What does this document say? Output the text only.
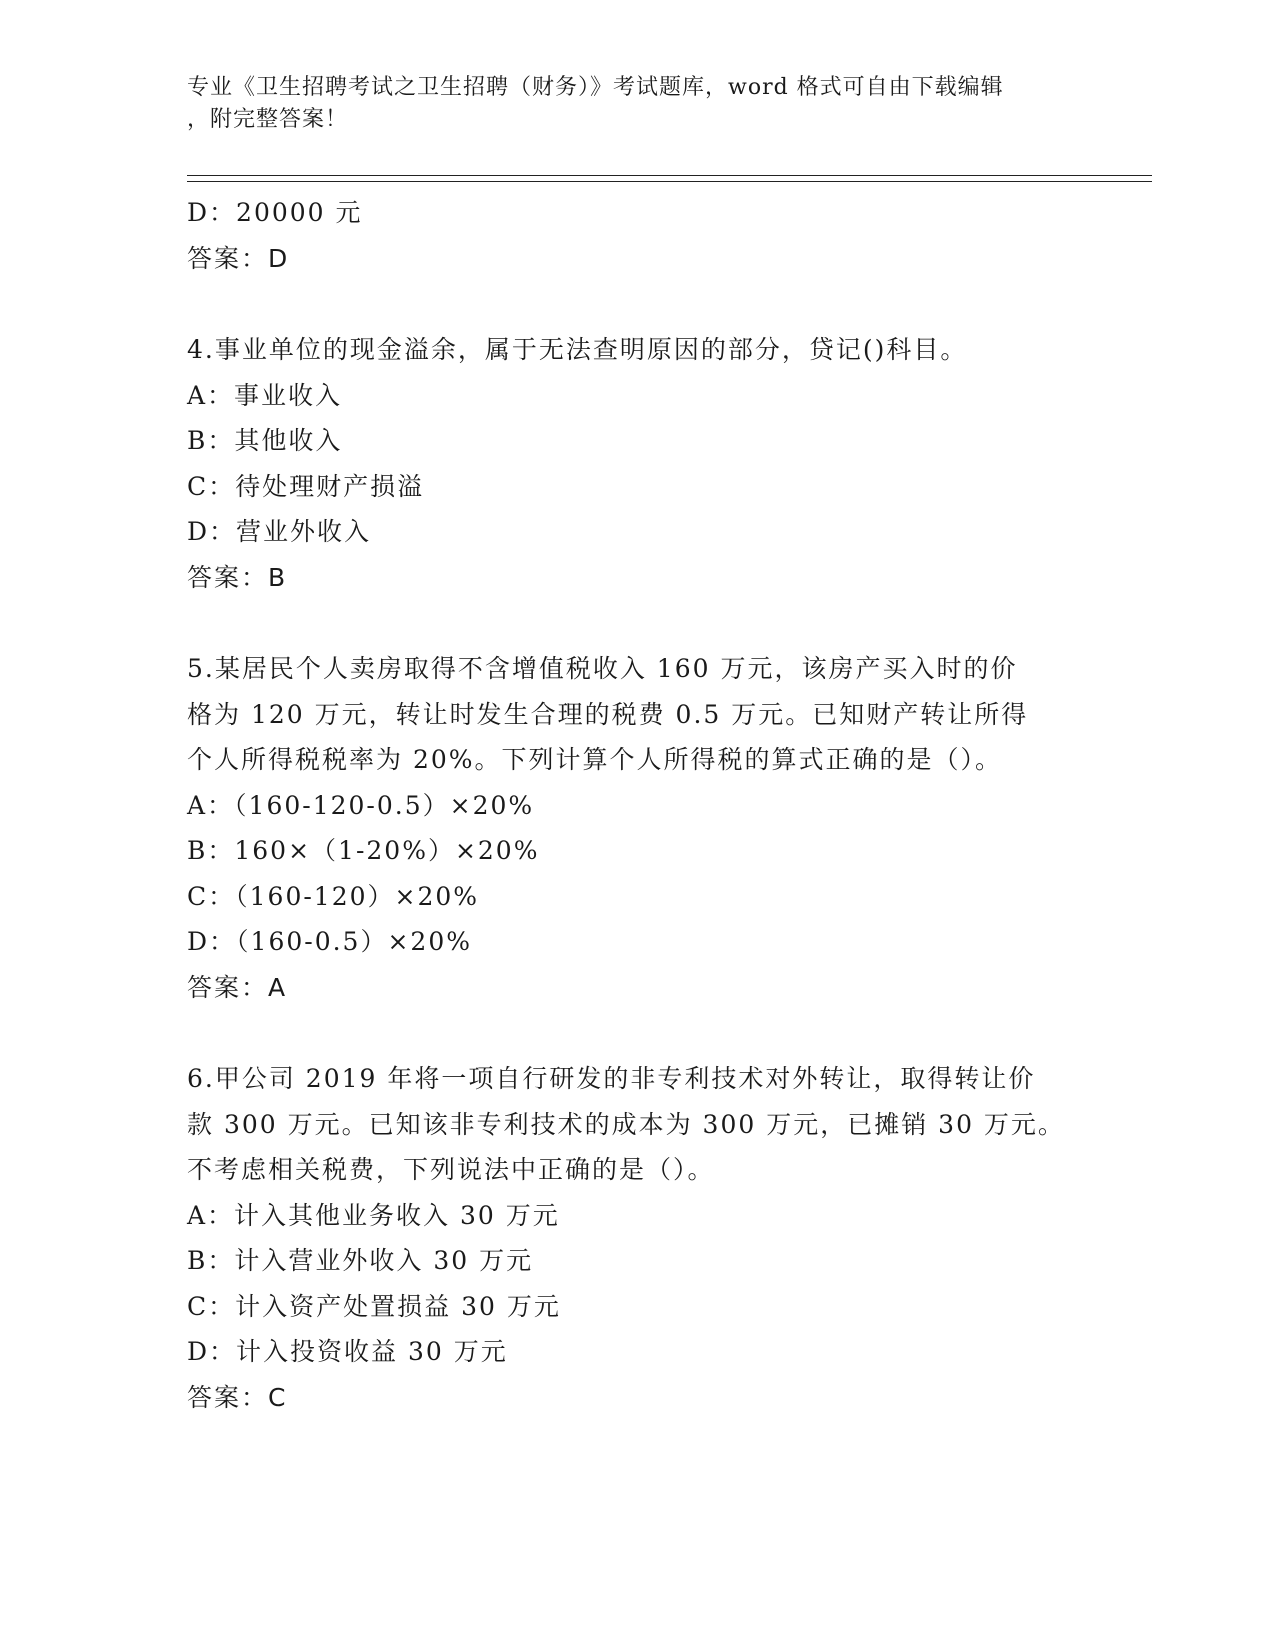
专业《卫生招聘考试之卫生招聘（财务）》考试题库，word 格式可自由下载编辑
，附完整答案！
D：20000 元
答案：D
4.事业单位的现金溢余，属于无法查明原因的部分，贷记()科目。
A：事业收入
B：其他收入
C：待处理财产损溢
D：营业外收入
答案：B
5.某居民个人卖房取得不含增值税收入 160 万元，该房产买入时的价
格为 120 万元，转让时发生合理的税费 0.5 万元。已知财产转让所得
个人所得税税率为 20%。下列计算个人所得税的算式正确的是（）。
A：（160-120-0.5）×20%
B：160×（1-20%）×20%
C：（160-120）×20%
D：（160-0.5）×20%
答案：A
6.甲公司 2019 年将一项自行研发的非专利技术对外转让，取得转让价
款 300 万元。已知该非专利技术的成本为 300 万元，已摊销 30 万元。
不考虑相关税费，下列说法中正确的是（）。
A：计入其他业务收入 30 万元
B：计入营业外收入 30 万元
C：计入资产处置损益 30 万元
D：计入投资收益 30 万元
答案：C
